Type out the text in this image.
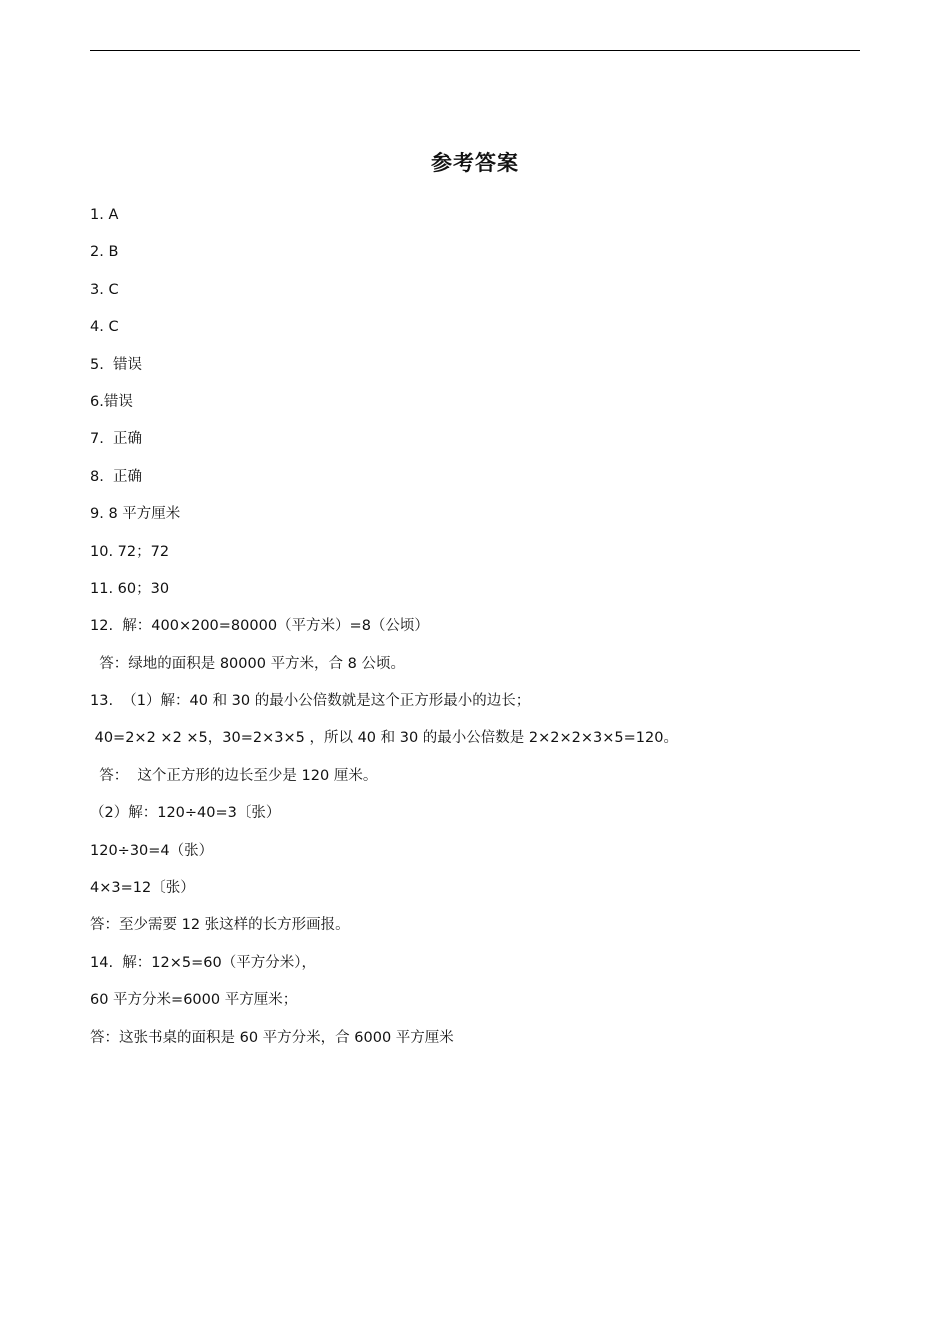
参考答案
1. A
2. B
3. C
4. C
5.  错误
6.错误
7.  正确
8.  正确
9. 8 平方厘米
10. 72；72
11. 60；30
12.  解：400×200=80000（平方米）=8（公顷）
答：绿地的面积是 80000 平方米，合 8 公顷。
13.  （1）解：40 和 30 的最小公倍数就是这个正方形最小的边长；
40=2×2 ×2 ×5，30=2×3×5 ，所以 40 和 30 的最小公倍数是 2×2×2×3×5=120。
答：  这个正方形的边长至少是 120 厘米。
（2）解：120÷40=3〔张）
120÷30=4（张）
4×3=12〔张）
答：至少需要 12 张这样的长方形画报。
14.  解：12×5=60（平方分米），
60 平方分米=6000 平方厘米；
答：这张书桌的面积是 60 平方分米，合 6000 平方厘米
